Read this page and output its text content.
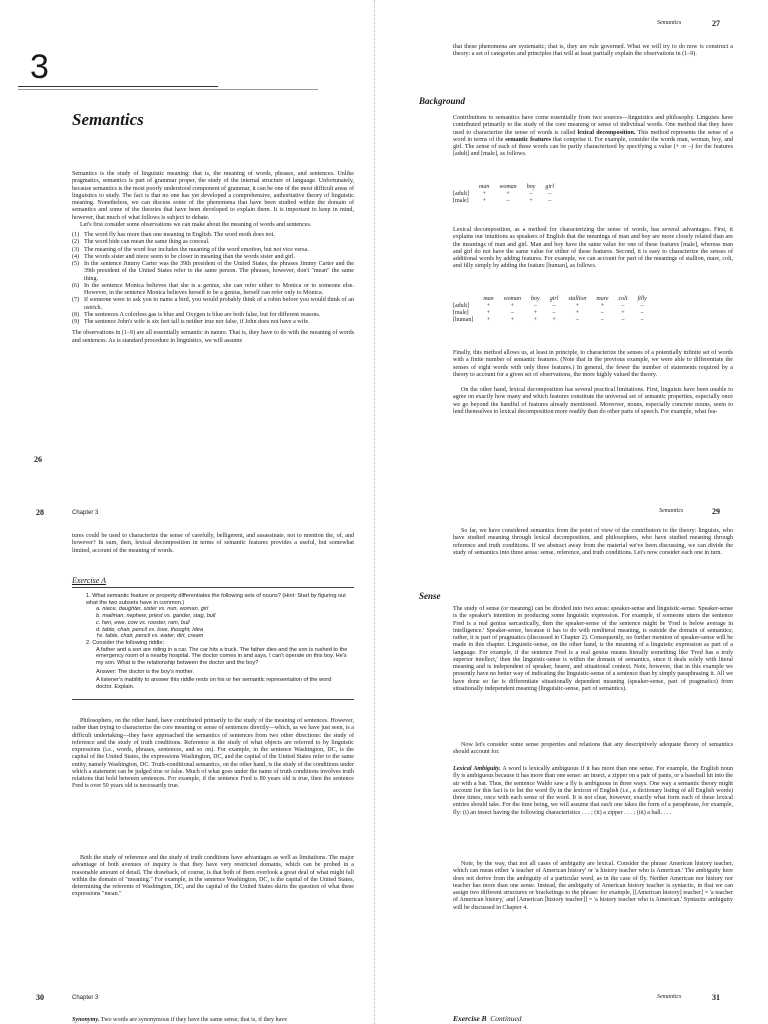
3
Semantics
Semantics is the study of linguistic meaning: that is, the meaning of words, phrases, and sentences. Unlike pragmatics, semantics is part of grammar proper, the study of the internal structure of language. Unfortunately, because semantics is the most poorly understood component of grammar, it can be one of the most difficult areas of linguistics to study. The fact is that no one has yet developed a comprehensive, authoritative theory of linguistic meaning. Nonetheless, we can discuss some of the phenomena that have been studied within the domain of semantics and some of the theories that have been developed to explain them. It is important to keep in mind, however, that much of what follows is subject to debate.
Let's first consider some observations we can make about the meaning of words and sentences.
(1) The word fly has more than one meaning in English. The word moth does not.
(2) The word hide can mean the same thing as conceal.
(3) The meaning of the word fear includes the meaning of the word emotion, but not vice versa.
(4) The words sister and niece seem to be closer in meaning than the words sister and girl.
(5) In the sentence Jimmy Carter was the 39th president of the United States, the phrases Jimmy Carter and the 39th president of the United States refer to the same person. The phrases, however, don't "mean" the same thing.
(6) In the sentence Monica believes that she is a genius, she can refer either to Monica or to someone else. However, in the sentence Monica believes herself to be a genius, herself can refer only to Monica.
(7) If someone were to ask you to name a bird, you would probably think of a robin before you would think of an ostrich.
(8) The sentences A colorless gas is blue and Oxygen is blue are both false, but for different reasons.
(9) The sentence John's wife is six feet tall is neither true nor false, if John does not have a wife.
The observations in (1–9) are all essentially semantic in nature. That is, they have to do with the meaning of words and sentences. As is standard procedure in linguistics, we will assume
26
Semantics	27
that these phenomena are systematic; that is, they are rule governed. What we will try to do now is construct a theory: a set of categories and principles that will at least partially explain the observations in (1–9).
Background
Contributions to semantics have come essentially from two sources—linguistics and philosophy. Linguists have contributed primarily to the study of the core meaning or sense of individual words. One method that they have used to characterize the sense of words is called lexical decomposition. This method represents the sense of a word in terms of the semantic features that comprise it. For example, consider the words man, woman, boy, and girl. The sense of each of these words can be partly characterized by specifying a value (+ or –) for the features [adult] and [male], as follows.
	man	woman	boy	girl
[adult]	+	+	–	–
[male]	+	–	+	–
Lexical decomposition, as a method for characterizing the sense of words, has several advantages. First, it explains our intuitions as speakers of English that the meanings of man and boy are more closely related than are the meanings of man and girl. Man and boy have the same value for one of these features [male], whereas man and girl do not have the same value for either of these features. Second, it is easy to characterize the senses of additional words by adding features. For example, we can account for part of the meanings of stallion, mare, colt, and filly simply by adding the feature [human], as follows.
	man	woman	boy	girl	stallion	mare	colt	filly
[adult]	+	+	–	–	+	+	–	–
[male]	+	–	+	–	+	–	+	–
[human]	+	+	+	+	–	–	–	–
Finally, this method allows us, at least in principle, to characterize the senses of a potentially infinite set of words with a finite number of semantic features. (Note that in the previous example, we were able to differentiate the senses of eight words with only three features.) In general, the fewer the number of statements required by a theory to account for a given set of observations, the more highly valued the theory.
On the other hand, lexical decomposition has several practical limitations. First, linguists have been unable to agree on exactly how many and which features constitute the universal set of semantic properties, especially once we go beyond the handful of features already mentioned. Moreover, nouns, especially concrete nouns, seem to lend themselves to lexical decomposition more readily than do other parts of speech. For example, what fea-
28	Chapter 3
tures could be used to characterize the sense of carefully, belligerent, and assassinate, not to mention the, of, and however? In sum, then, lexical decomposition in terms of semantic features provides a useful, but somewhat limited, account of the meaning of words.
Exercise A
1. What semantic feature or property differentiates the following sets of nouns? (Hint: Start by figuring out what the two subsets have in common.)
a. niece, daughter, sister vs. nun, woman, girl
b. mailman, nephew, priest vs. gander, stag, bull
c. hen, ewe, cow vs. rooster, ram, bull
d. table, chair, pencil vs. love, thought, idea
†e. table, chair, pencil vs. water, dirt, cream
2. Consider the following riddle:
A father and a son are riding in a car. The car hits a truck. The father dies and the son is rushed to the emergency room of a nearby hospital. The doctor comes in and says, I can't operate on this boy. He's my son. What is the relationship between the doctor and the boy?
Answer: The doctor is the boy's mother.
A listener's inability to answer this riddle rests on his or her semantic representation of the word doctor. Explain.
Philosophers, on the other hand, have contributed primarily to the study of the meaning of sentences. However, rather than trying to characterize the core meaning or sense of sentences directly—which, as we have just seen, is a difficult undertaking—they have approached the semantics of sentences from two other directions: the study of reference and the study of truth conditions. Reference is the study of what objects are referred to by linguistic expressions (i.e., words, phrases, sentences, and so on). For example, in the sentence Washington, DC, is the capital of the United States, the expressions Washington, DC, and the capital of the United States refer to the same entity, namely Washington, DC. Truth-conditional semantics, on the other hand, is the study of the conditions under which a statement can be judged true or false. Much of what goes under the name of truth conditions involves truth relations that hold between sentences. For example, if the sentence Fred is 80 years old is true, then the sentence Fred is over 50 years old is necessarily true.
Both the study of reference and the study of truth conditions have advantages as well as limitations. The major advantage of both avenues of inquiry is that they have very restricted domains, which can be probed in a reasonable amount of detail. The drawback, of course, is that both of them overlook a great deal of what might fall within the domain of "meaning." For example, in the sentence Washington, DC, is the capital of the United States, determining the referents of Washington, DC, and the capital of the United States skirts the question of what these expressions "mean."
Semantics	29
So far, we have considered semantics from the point of view of the contributors to the theory: linguists, who have studied meaning through lexical decomposition, and philosophers, who have studied meaning through reference and truth conditions. If we abstract away from the material we've been discussing, we can divide the study of semantics into three areas: sense, reference, and truth conditions. Let's now consider each one in turn.
Sense
The study of sense (or meaning) can be divided into two areas: speaker-sense and linguistic-sense. Speaker-sense is the speaker's intention in producing some linguistic expression. For example, if someone utters the sentence Fred is a real genius sarcastically, then the speaker-sense of the sentence might be 'Fred is below average in intelligence.' Speaker-sense, because it has to do with nonliteral meaning, is outside the domain of semantics; rather, it is part of pragmatics (discussed in Chapter 2). Consequently, no further mention of speaker-sense will be made in this chapter. Linguistic-sense, on the other hand, is the meaning of a linguistic expression as part of a language. For example, if the sentence Fred is a real genius means literally something like 'Fred has a truly superior intellect,' then the linguistic-sense is within the domain of semantics, since it deals solely with literal meaning and is independent of speaker, hearer, and situational context. Note, however, that in this example we presently have no better way of indicating the linguistic-sense of a sentence than by simply paraphrasing it. All we have done so far is differentiate situationally dependent meaning (speaker-sense, part of pragmatics) from situationally independent meaning (linguistic-sense, part of semantics).
Now let's consider some sense properties and relations that any descriptively adequate theory of semantics should account for.
Lexical Ambiguity. A word is lexically ambiguous if it has more than one sense. For example, the English noun fly is ambiguous because it has more than one sense: an insect, a zipper on a pair of pants, or a baseball hit into the air with a bat. Thus, the sentence Waldo saw a fly is ambiguous in three ways. One way a semantic theory might account for this fact is to list the word fly in the lexicon of English (i.e., a dictionary listing of all English words) three times, once with each sense of the word. It is not clear, however, exactly what form each of these lexical entries should take. For the time being, we will assume that each one takes the form of a paraphrase, for example, fly: (i) an insect having the following characteristics . . . ; (ii) a zipper . . . ; (iii) a ball. . . .
Note, by the way, that not all cases of ambiguity are lexical. Consider the phrase American history teacher, which can mean either 'a teacher of American history' or 'a history teacher who is American.' The ambiguity here does not derive from the ambiguity of a particular word, as in the case of fly. Neither American nor history nor teacher has more than one sense. Instead, the ambiguity of American history teacher is syntactic, in that we can assign two different structures or bracketings to the phrase: for example, [[American history] teacher] = 'a teacher of American history,' and [American [history teacher]] = 'a history teacher who is American.' Syntactic ambiguity will be discussed in Chapter 4.
30	Chapter 3
Synonymy. Two words are synonymous if they have the same sense; that is, if they have
Semantics	31
Exercise B Continued
